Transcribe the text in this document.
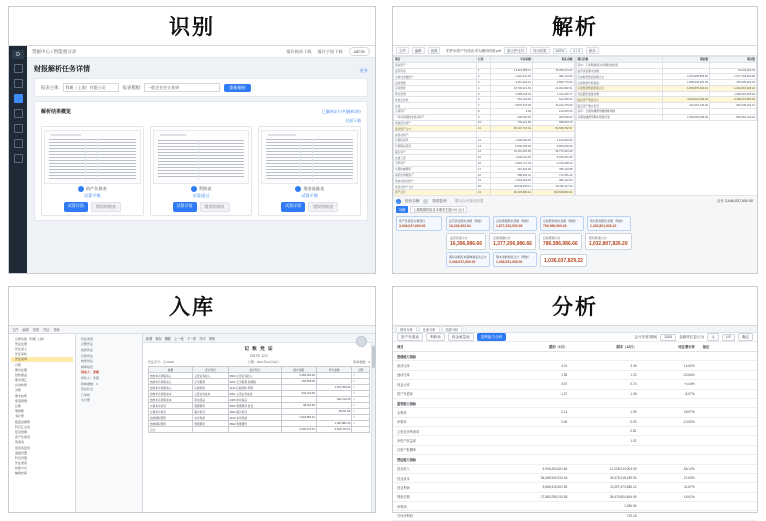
识别
D
票据中心 / 智能重分录	操作指南下载 操作手册下载	admin
财报解析任务详情	更多
报表主体	科帆（上海）有限公司	报表模板	一般企业会计准则	重新解析
解析结果概览	已解析3个/共解析3份
全部下载
资产负债表
试算平衡
试算详情	错误明细表
利润表
试算通过
试算详情	错误明细表
现金流量表
试算平衡
试算详情	错误明细表
解析
文件	编辑	视图	附件01资产负债表-带勾稽项明细.pdf	原文件比对	导出结果	100%	1 / 3	保存
项目	行次	年初余额	期末余额
流动资产:			
货币资金	1	14,521,985.11	13,456,214.22
交易性金融资产	2	1,022,441.00	982,113.50
应收票据	3	3,112,004.21	2,890,776.00
应收账款	4	18,700,221.54	21,004,982.31
预付款项	5	1,285,443.10	1,410,228.77
其他应收款	6	554,120.00	612,008.42
存货	7	9,876,310.25	10,223,475.60
合同资产	8	0.00	120,000.00
一年内到期的非流动资产	9	330,000.00	280,000.00
其他流动资产	10	745,221.80	688,904.15
流动资产合计	11	50,147,747.01	51,668,702.97
非流动资产:			
长期应收款	12	1,200,000.00	1,100,000.00
长期股权投资	13	6,500,000.00	6,500,000.00
固定资产	14	32,118,004.66	30,774,221.09
在建工程	15	4,220,110.00	6,015,330.45
无形资产	16	2,904,771.33	2,733,008.12
长期待摊费用	17	410,223.00	365,110.88
递延所得税资产	18	688,904.12	712,335.40
其他非流动资产	19	1,004,220.00	980,112.00
非流动资产合计	20	49,046,233.11	49,180,117.94
资产总计	21	99,193,980.12	100,848,820.91
项目名称	期初数	期末数
其中：下述明细项为勾稽校验结果		
货币资金期末余额		16,243,902.04
应收账款账面余额合计	1,870,983,655.50	1,677,203,930.05
应收账款坏账准备	1,805,040,603.09	750,990,900.03
应收账款账面价值合计	1,800,879,400.01	1,032,801,928.22
存货跌价准备余额		1,098,201,608.02
固定资产原值合计	4,603,610,069.00	2,168,273,800.03
固定资产累计折旧	601,003,344.06	903,245,231.12
其中：长期待摊费用摊销额明细		
长期待摊费用期末账面价值	1,036,081,008.00	863,263,130.04
1	校验勾稽	2	数据复核 期末合计校验结果	合计 3,046,037,600.00
勾稽	上期数据校验及本期发生额小计合计
资产负债表勾稽项目
3,046,037,600.00
货币资金期末余额（明细）
16,243,902.04
应收票据期末余额（明细）
1,677,203,930.05
应收账款期末余额（明细）
750,990,900.03
预付款项期末余额（明细）
1,032,801,928.22
货币资金小计
16,396,986.66
应收票据小计
1,377,206,986.66
应收账款小计
786,386,986.66
预付款项小计
1,032,807,826.20
期初余额及本期增减变动合计
3,046,037,600.00
期末余额校验合计（明细）
1,036,081,008.00	1,036,037,829.22
入库
文件 编辑 视图 凭证 帮助
总账系统（科帆 上海）
凭证处理
凭证录入
凭证审核
凭证查询
记账
期末处理
结转损益
期末调汇
自动转账
对账
期末结账
账簿管理
总账
明细账
多栏账
数量金额账
科目汇总表
报表管理
资产负债表
利润表
现金流量表
基础设置
科目设置
凭证类别
结算方式
辅助核算
凭证类型
记账凭证
收款凭证
付款凭证
转账凭证
制单信息
制单人：张敏
审核人：李强
附单据数：3
凭证状态
已审核
未记账
新增 保存 删除 上一张 下一张 打印 审核
记 账 凭 证
2017年 12月
凭证字号：记-0128	日期：2017年12月31日	附单据数：3
摘要	会计科目	会计科目	借方金额	贷方金额	记账
结转本月销售收入	主营业务收入	6600 主营业务收入	1,284,300.00		√
结转本月销售收入	应交税费	2221 应交税费-销项税	166,959.00		√
结转本月销售收入	应收账款	1122 应收账款-科帆		1,451,259.00	√
结转本月销售成本	主营业务成本	6401 主营业务成本	902,110.25		√
结转本月销售成本	库存商品	1405 库存商品		902,110.25	√
计提本月折旧	管理费用	6602 管理费用-折旧	48,221.66		√
计提本月折旧	累计折旧	1602 累计折旧		48,221.66	√
结转期间费用	本年利润	4103 本年利润	1,004,882.10		√
结转期间费用	管理费用	6602 管理费用		1,004,882.10	√
合计			3,406,472.01	3,406,472.01	
分析
财务分析	比率分析	趋势分析
资产负债表	利润表	现金流量表	盈利能力分析	会计年度/期间	1204	金额单位显示为	元	1/2	确定
项目	期初（1月）	期末（12月）	同比增长率	备注
偿债能力指标				
流动比率	3.01	3.45	14.62%	
速动比率	1.55	1.23	-20.64%	
现金比率	0.67	0.74	+4.44%	
资产负债率	1.27	1.48	-8.57%	
盈利能力指标				
毛利率	2.14	1.89	28.57%	
净利率	0.45	0.93	-10.00%	
主营业务利润率		0.81		
净资产收益率		1.02		
总资产报酬率				
营运能力指标				
营业收入	9,936,254,821.64	12,208,214,004.09	-58.12%	
营业成本	54,685,940,910.46	45,475,218,189.94	21.83%	
营业利润	9,885,418,602.69	11,097,473,686.14	41.87%	
利润总额	27,880,256,010.58	36,475,804,694.69	18.61%	
净利润		1,286.84		
归母净利润		729.18		
